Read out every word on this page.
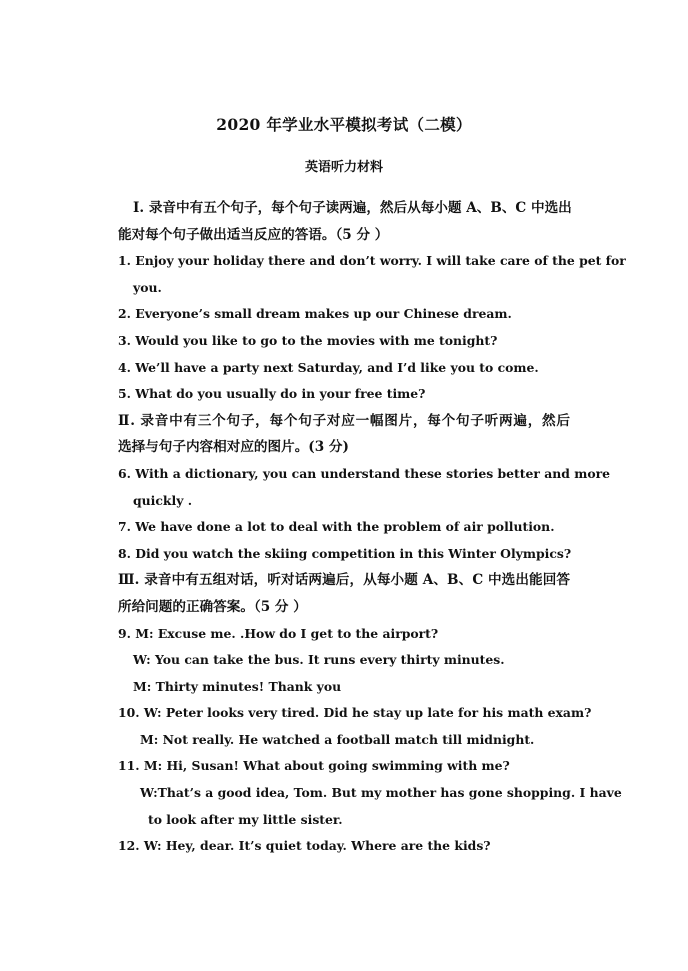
2020 年学业水平模拟考试（二模）
英语听力材料
Ⅰ. 录音中有五个句子，每个句子读两遍，然后从每小题 A、B、C 中选出
能对每个句子做出适当反应的答语。（5 分 ）
1. Enjoy your holiday there and don’t worry. I will take care of the pet for
you.
2. Everyone’s small dream makes up our Chinese dream.
3. Would you like to go to the movies with me tonight?
4. We’ll have a party next Saturday, and I’d like you to come.
5. What do you usually do in your free time?
Ⅱ. 录音中有三个句子，每个句子对应一幅图片，每个句子听两遍，然后
选择与句子内容相对应的图片。(3 分)
6. With a dictionary, you can understand these stories better and more
quickly .
7. We have done a lot to deal with the problem of air pollution.
8. Did you watch the skiing competition in this Winter Olympics?
Ⅲ. 录音中有五组对话，听对话两遍后，从每小题 A、B、C 中选出能回答
所给问题的正确答案。（5 分 ）
9. M: Excuse me. .How do I get to the airport?
W: You can take the bus. It runs every thirty minutes.
M: Thirty minutes! Thank you
10. W: Peter looks very tired. Did he stay up late for his math exam?
M: Not really. He watched a football match till midnight.
11. M: Hi, Susan! What about going swimming with me?
W:That’s a good idea, Tom. But my mother has gone shopping. I have
to look after my little sister.
12. W: Hey, dear. It’s quiet today. Where are the kids?
